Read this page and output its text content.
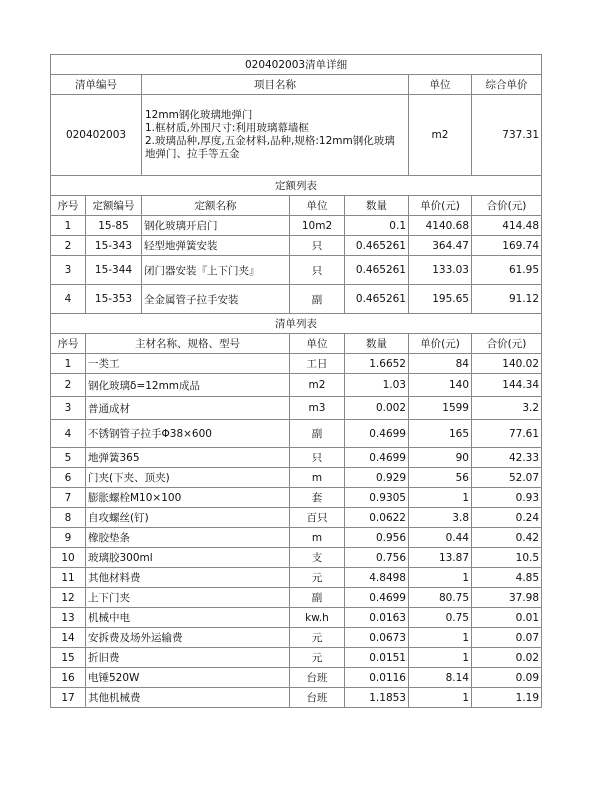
020402003清单详细						
清单编号		项目名称			单位	综合单价
020402003		12mm钢化玻璃地弹门
1.框材质,外围尺寸:利用玻璃幕墙框
2.玻璃品种,厚度,五金材料,品种,规格:12mm钢化玻璃地弹门、拉手等五金			m2	737.31
定额列表						
序号	定额编号	定额名称	单位	数量	单价(元)	合价(元)
1	15-85	钢化玻璃开启门	10m2	0.1	4140.68	414.48
2	15-343	轻型地弹簧安装	只	0.465261	364.47	169.74
3	15-344	闭门器安装『上下门夹』	只	0.465261	133.03	61.95
4	15-353	全金属管子拉手安装	副	0.465261	195.65	91.12
清单列表						
序号	主材名称、规格、型号		单位	数量	单价(元)	合价(元)
1	一类工		工日	1.6652	84	140.02
2	钢化玻璃δ=12mm成品		m2	1.03	140	144.34
3	普通成材		m3	0.002	1599	3.2
4	不锈钢管子拉手Φ38×600		副	0.4699	165	77.61
5	地弹簧365		只	0.4699	90	42.33
6	门夹(下夹、顶夹)		m	0.929	56	52.07
7	膨胀螺栓M10×100		套	0.9305	1	0.93
8	自攻螺丝(钉)		百只	0.0622	3.8	0.24
9	橡胶垫条		m	0.956	0.44	0.42
10	玻璃胶300ml		支	0.756	13.87	10.5
11	其他材料费		元	4.8498	1	4.85
12	上下门夹		副	0.4699	80.75	37.98
13	机械中电		kw.h	0.0163	0.75	0.01
14	安拆费及场外运输费		元	0.0673	1	0.07
15	折旧费		元	0.0151	1	0.02
16	电锤520W		台班	0.0116	8.14	0.09
17	其他机械费		台班	1.1853	1	1.19
